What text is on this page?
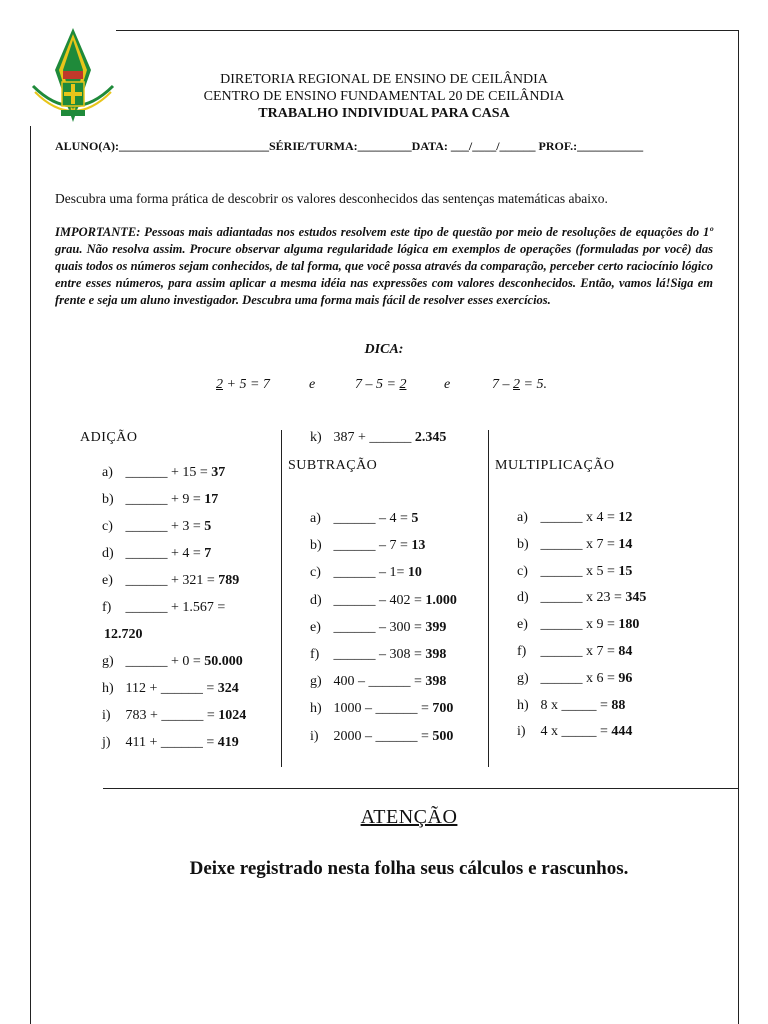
DIRETORIA REGIONAL DE ENSINO DE CEILÂNDIA
CENTRO DE ENSINO FUNDAMENTAL 20 DE CEILÂNDIA
TRABALHO INDIVIDUAL PARA CASA
ALUNO(A):_________________________SÉRIE/TURMA:_________DATA: ___/____/______ PROF.:___________
Descubra uma forma prática de descobrir os valores desconhecidos das sentenças matemáticas abaixo.
IMPORTANTE: Pessoas mais adiantadas nos estudos resolvem este tipo de questão por meio de resoluções de equações do 1º grau. Não resolva assim. Procure observar alguma regularidade lógica em exemplos de operações (formuladas por você) das quais todos os números sejam conhecidos, de tal forma, que você possa através da comparação, perceber certo raciocínio lógico entre esses números, para assim aplicar a mesma idéia nas expressões com valores desconhecidos. Então, vamos lá!Siga em frente e seja um aluno investigador. Descubra uma forma mais fácil de resolver esses exercícios.
DICA:
2 + 5 = 7	e	7 – 5 = 2	e	7 – 2 = 5.
ADIÇÃO
a) ______ + 15 = 37
b) ______ + 9 = 17
c) ______ + 3 = 5
d) ______ + 4 = 7
e) ______ + 321 = 789
f) ______ + 1.567 =
12.720
g) ______ + 0 = 50.000
h) 112 + ______ = 324
i) 783 + ______ = 1024
j) 411 + ______ = 419
k) 387 + ______ 2.345
SUBTRAÇÃO
a) ______ – 4 = 5
b) ______ – 7 = 13
c) ______ – 1= 10
d) ______ – 402 = 1.000
e) ______ – 300 = 399
f) ______ – 308 = 398
g) 400 – ______ = 398
h) 1000 – ______ = 700
i) 2000 – ______ = 500
MULTIPLICAÇÃO
a) ______ x 4 = 12
b) ______ x 7 = 14
c) ______ x 5 = 15
d) ______ x 23 = 345
e) ______ x 9 = 180
f) ______ x 7 = 84
g) ______ x 6 = 96
h) 8 x _____ = 88
i) 4 x _____ = 444
ATENÇÃO
Deixe registrado nesta folha seus cálculos e rascunhos.
